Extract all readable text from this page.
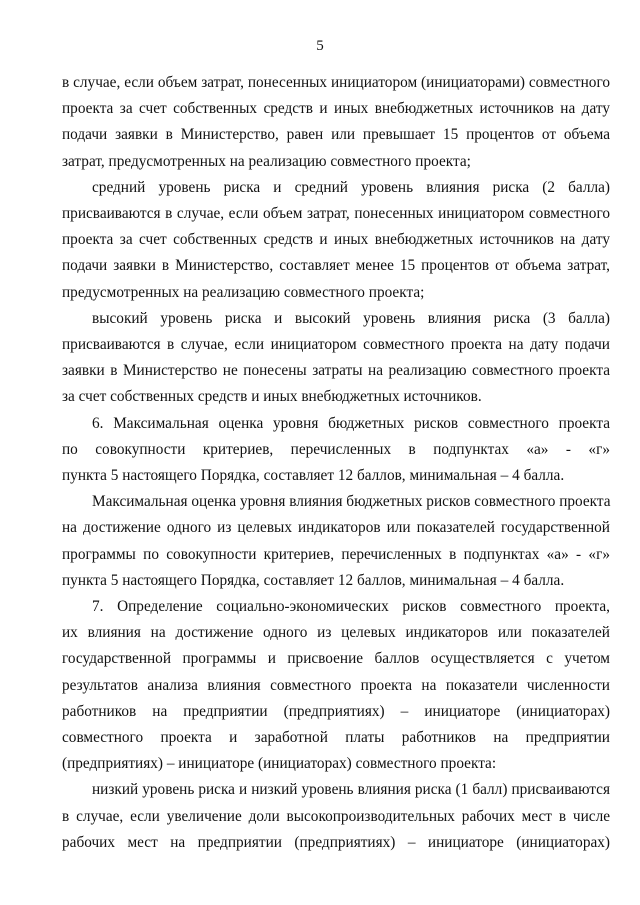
5
в случае, если объем затрат, понесенных инициатором (инициаторами) совместного
проекта за счет собственных средств и иных внебюджетных источников на дату
подачи заявки в Министерство, равен или превышает 15 процентов от объема
затрат, предусмотренных на реализацию совместного проекта;
средний уровень риска и средний уровень влияния риска (2 балла)
присваиваются в случае, если объем затрат, понесенных инициатором совместного
проекта за счет собственных средств и иных внебюджетных источников на дату
подачи заявки в Министерство, составляет менее 15 процентов от объема затрат,
предусмотренных на реализацию совместного проекта;
высокий уровень риска и высокий уровень влияния риска (3 балла)
присваиваются в случае, если инициатором совместного проекта на дату подачи
заявки в Министерство не понесены затраты на реализацию совместного проекта
за счет собственных средств и иных внебюджетных источников.
6. Максимальная оценка уровня бюджетных рисков совместного проекта
по совокупности критериев, перечисленных в подпунктах «а» - «г»
пункта 5 настоящего Порядка, составляет 12 баллов, минимальная – 4 балла.
Максимальная оценка уровня влияния бюджетных рисков совместного проекта
на достижение одного из целевых индикаторов или показателей государственной
программы по совокупности критериев, перечисленных в подпунктах «а» - «г»
пункта 5 настоящего Порядка, составляет 12 баллов, минимальная – 4 балла.
7. Определение социально-экономических рисков совместного проекта,
их влияния на достижение одного из целевых индикаторов или показателей
государственной программы и присвоение баллов осуществляется с учетом
результатов анализа влияния совместного проекта на показатели численности
работников на предприятии (предприятиях) – инициаторе (инициаторах)
совместного проекта и заработной платы работников на предприятии
(предприятиях) – инициаторе (инициаторах) совместного проекта:
низкий уровень риска и низкий уровень влияния риска (1 балл) присваиваются
в случае, если увеличение доли высокопроизводительных рабочих мест в числе
рабочих мест на предприятии (предприятиях) – инициаторе (инициаторах)
